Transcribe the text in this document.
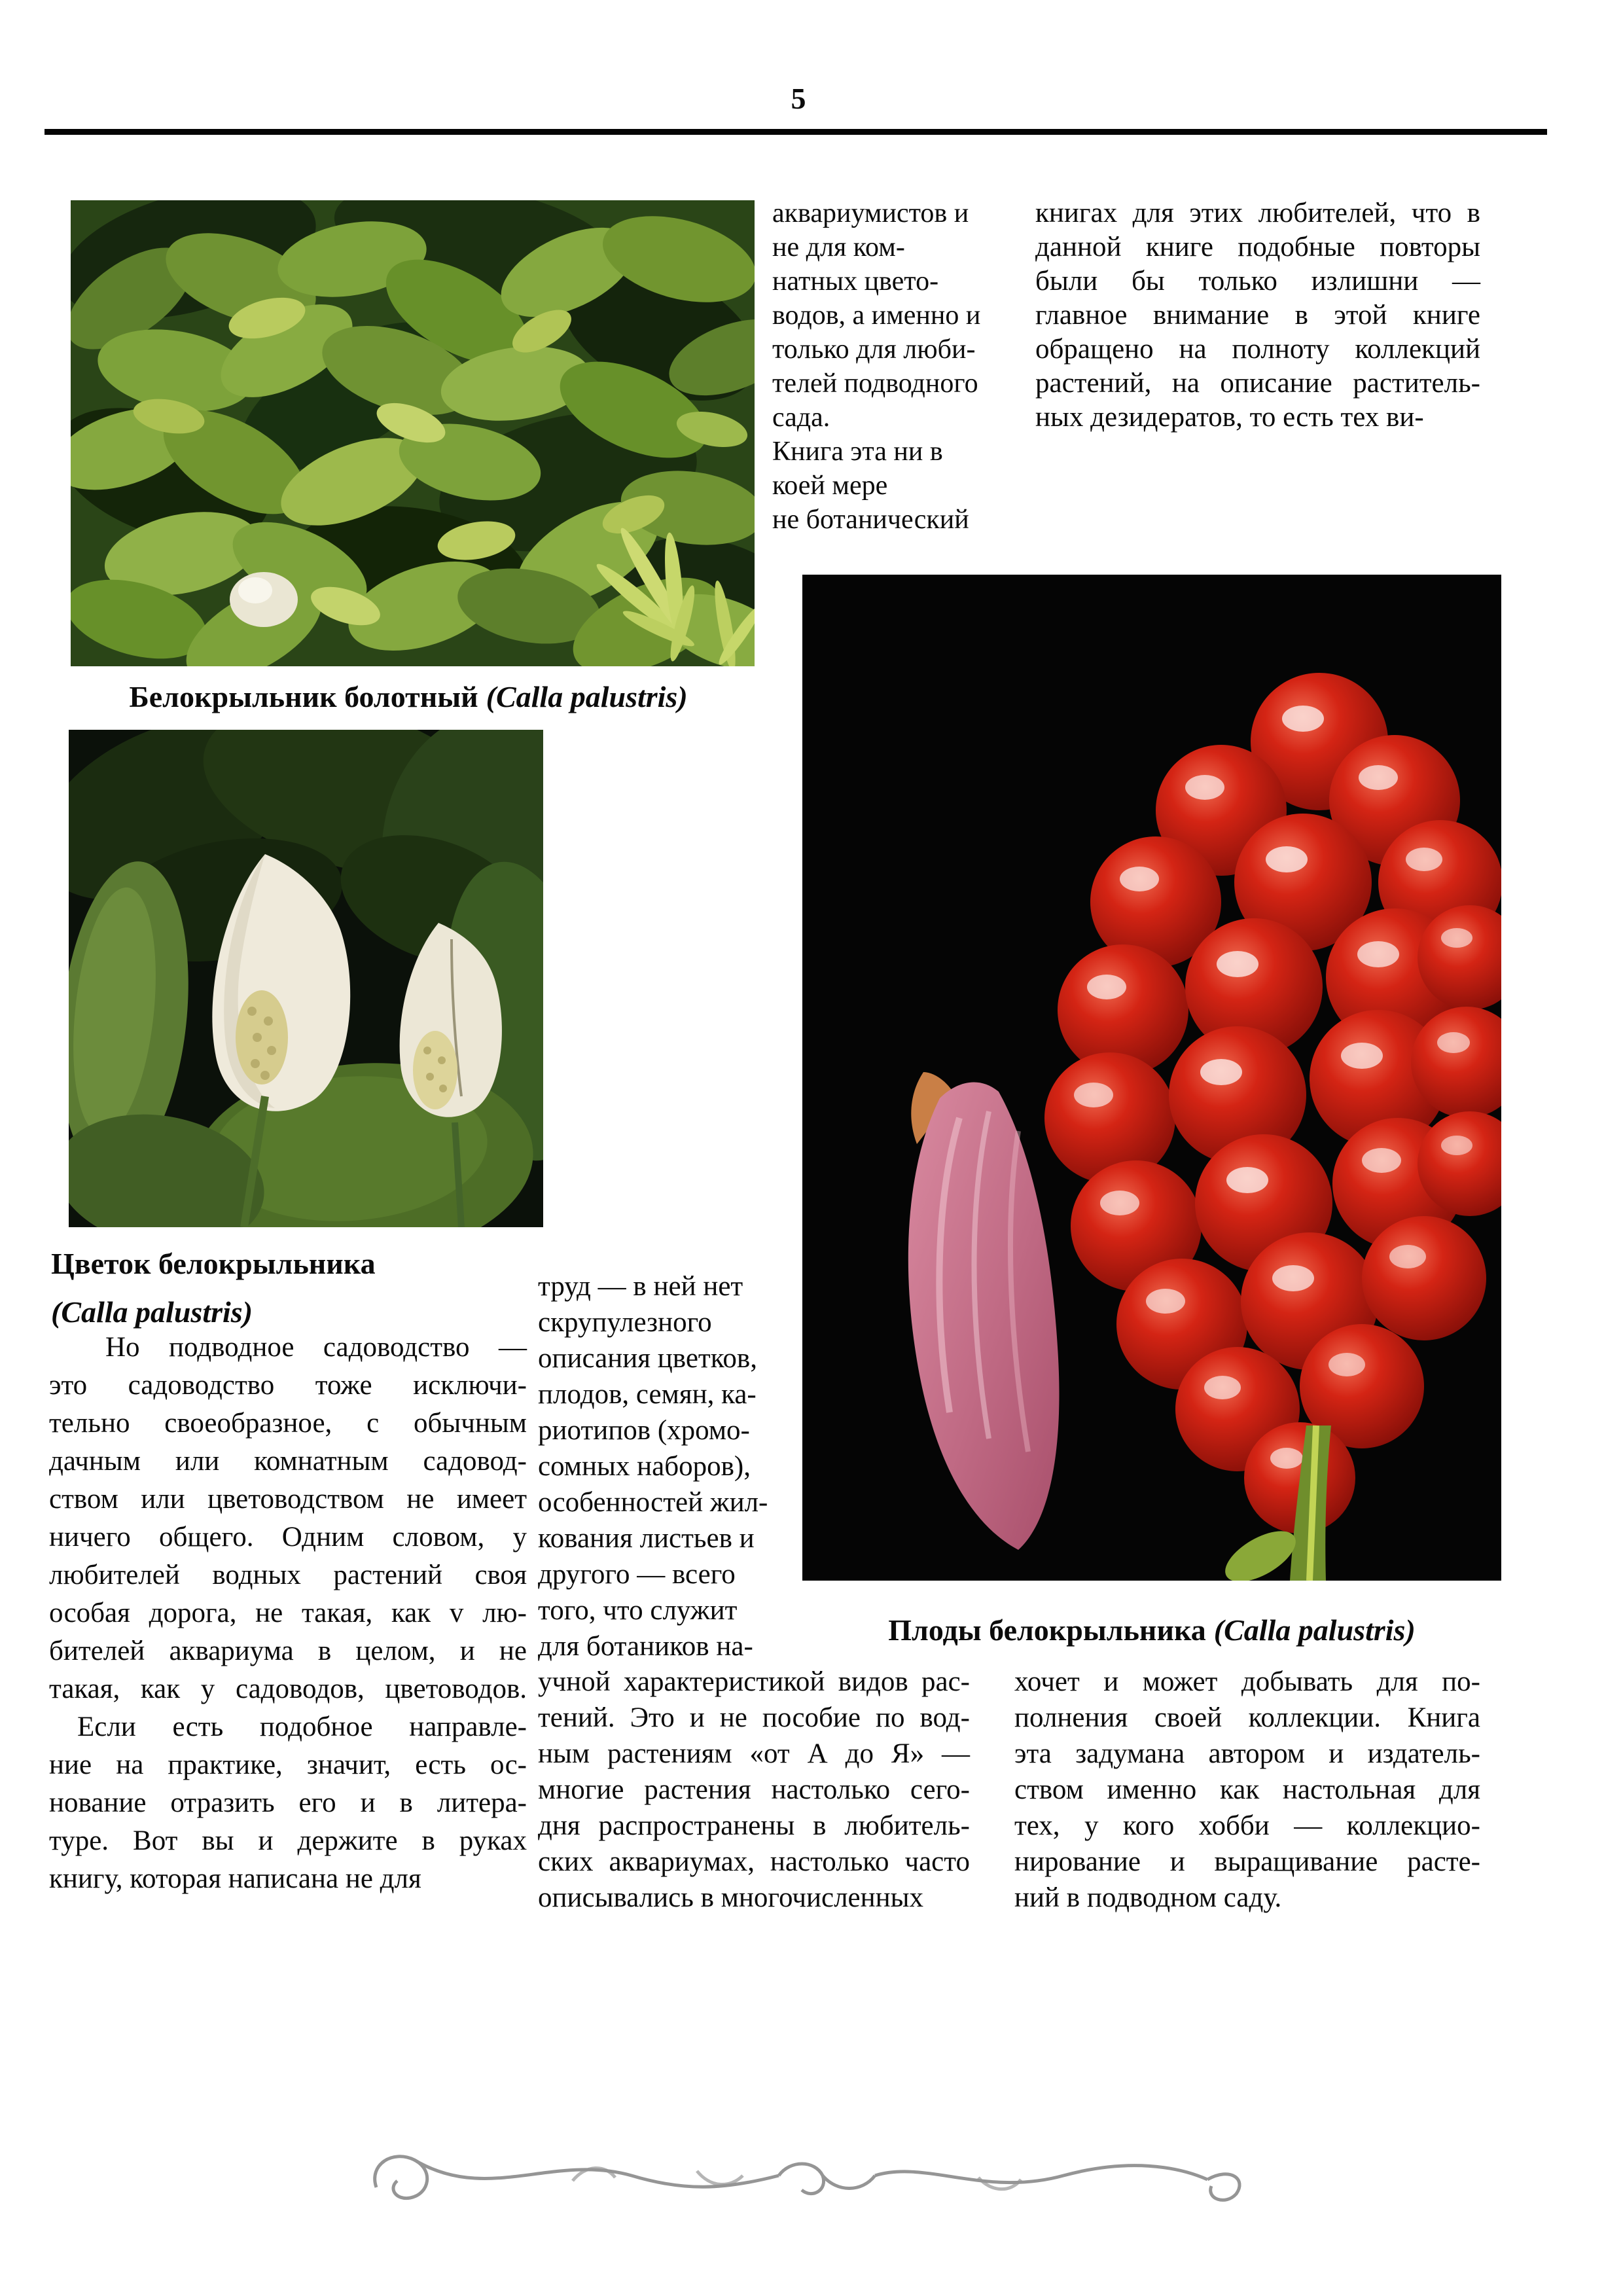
5
Белокрыльник болотный (Calla palustris)
Цветок белокрыльника
(Calla palustris)
Плоды белокрыльника (Calla palustris)
аквариумистов и
не для ком-
натных цвето-
водов, а именно и
только для люби-
телей подводного
сада.
Книга эта ни в
коей мере
не ботанический
книгах для этих любителей, что в
данной книге подобные повторы
были бы только излишни —
главное внимание в этой книге
обращено на полноту коллекций
растений, на описание раститель-
ных дезидератов, то есть тех ви-
  Но подводное садоводство —
это садоводство тоже исключи-
тельно своеобразное, с обычным
дачным или комнатным садовод-
ством или цветоводством не имеет
ничего общего. Одним словом, у
любителей водных растений своя
особая дорога, не такая, как v лю-
бителей аквариума в целом, и не
такая, как у садоводов, цветоводов.
 Если есть подобное направле-
ние на практике, значит, есть ос-
нование отразить его и в литера-
туре. Вот вы и держите в руках
книгу, которая написана не для
труд — в ней нет
скрупулезного
описания цветков,
плодов, семян, ка-
риотипов (хромо-
сомных наборов),
особенностей жил-
кования листьев и
другого — всего
того, что служит
для ботаников на-
учной характеристикой видов рас-
тений. Это и не пособие по вод-
ным растениям «от А до Я» —
многие растения настолько сего-
дня распространены в любитель-
ских аквариумах, настолько часто
описывались в многочисленных
хочет и может добывать для по-
полнения своей коллекции. Книга
эта задумана автором и издатель-
ством именно как настольная для
тех, у кого хобби — коллекцио-
нирование и выращивание расте-
ний в подводном саду.
